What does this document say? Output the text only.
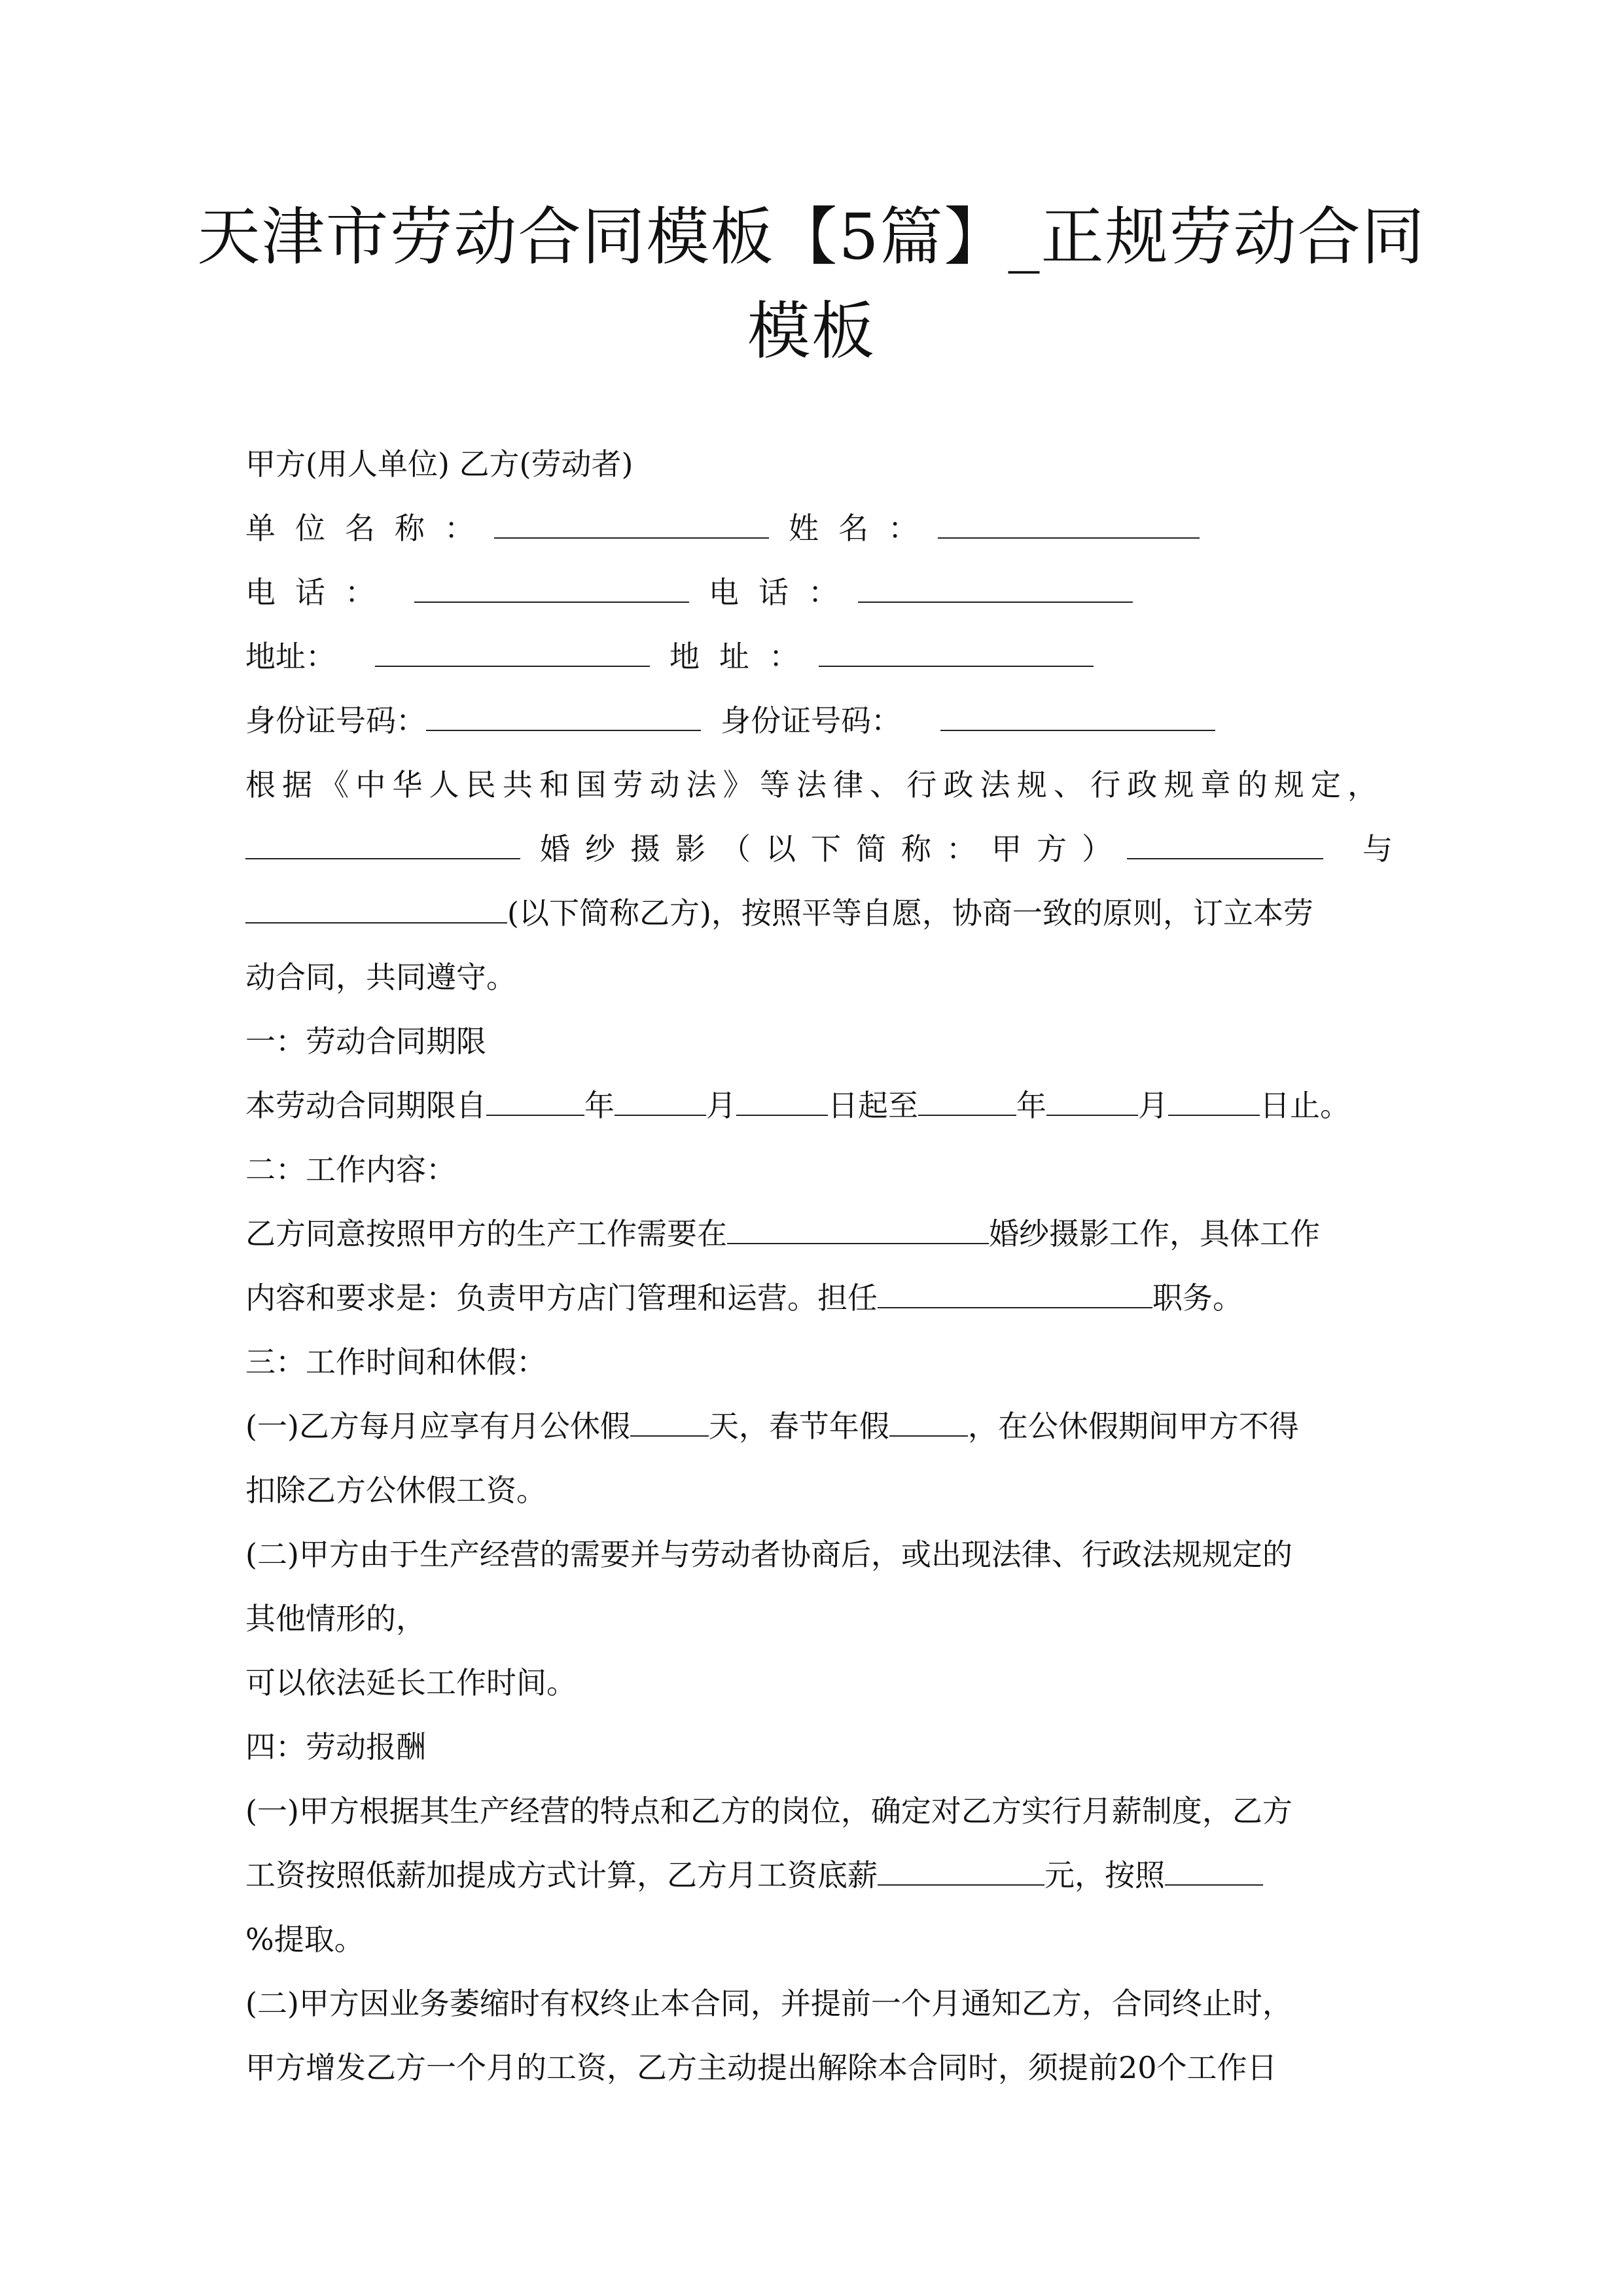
天津市劳动合同模板【5篇】_正规劳动合同
模板
甲方(用人单位) 乙方(劳动者)
单位名称：	姓名：
电话：	电话：
地址：	地址：
身份证号码：	身份证号码：
根据《中华人民共和国劳动法》等法律、行政法规、行政规章的规定，
婚纱摄影（以下简称：甲方）	与
(以下简称乙方)，按照平等自愿，协商一致的原则，订立本劳
动合同，共同遵守。
一：劳动合同期限
本劳动合同期限自	年	月	日起至	年	月	日止。
二：工作内容：
乙方同意按照甲方的生产工作需要在	婚纱摄影工作，具体工作
内容和要求是：负责甲方店门管理和运营。担任	职务。
三：工作时间和休假：
(一)乙方每月应享有月公休假	天，春节年假	，在公休假期间甲方不得
扣除乙方公休假工资。
(二)甲方由于生产经营的需要并与劳动者协商后，或出现法律、行政法规规定的
其他情形的，
可以依法延长工作时间。
四：劳动报酬
(一)甲方根据其生产经营的特点和乙方的岗位，确定对乙方实行月薪制度，乙方
工资按照低薪加提成方式计算，乙方月工资底薪	元，按照
%提取。
(二)甲方因业务萎缩时有权终止本合同，并提前一个月通知乙方，合同终止时，
甲方增发乙方一个月的工资，乙方主动提出解除本合同时，须提前20个工作日
